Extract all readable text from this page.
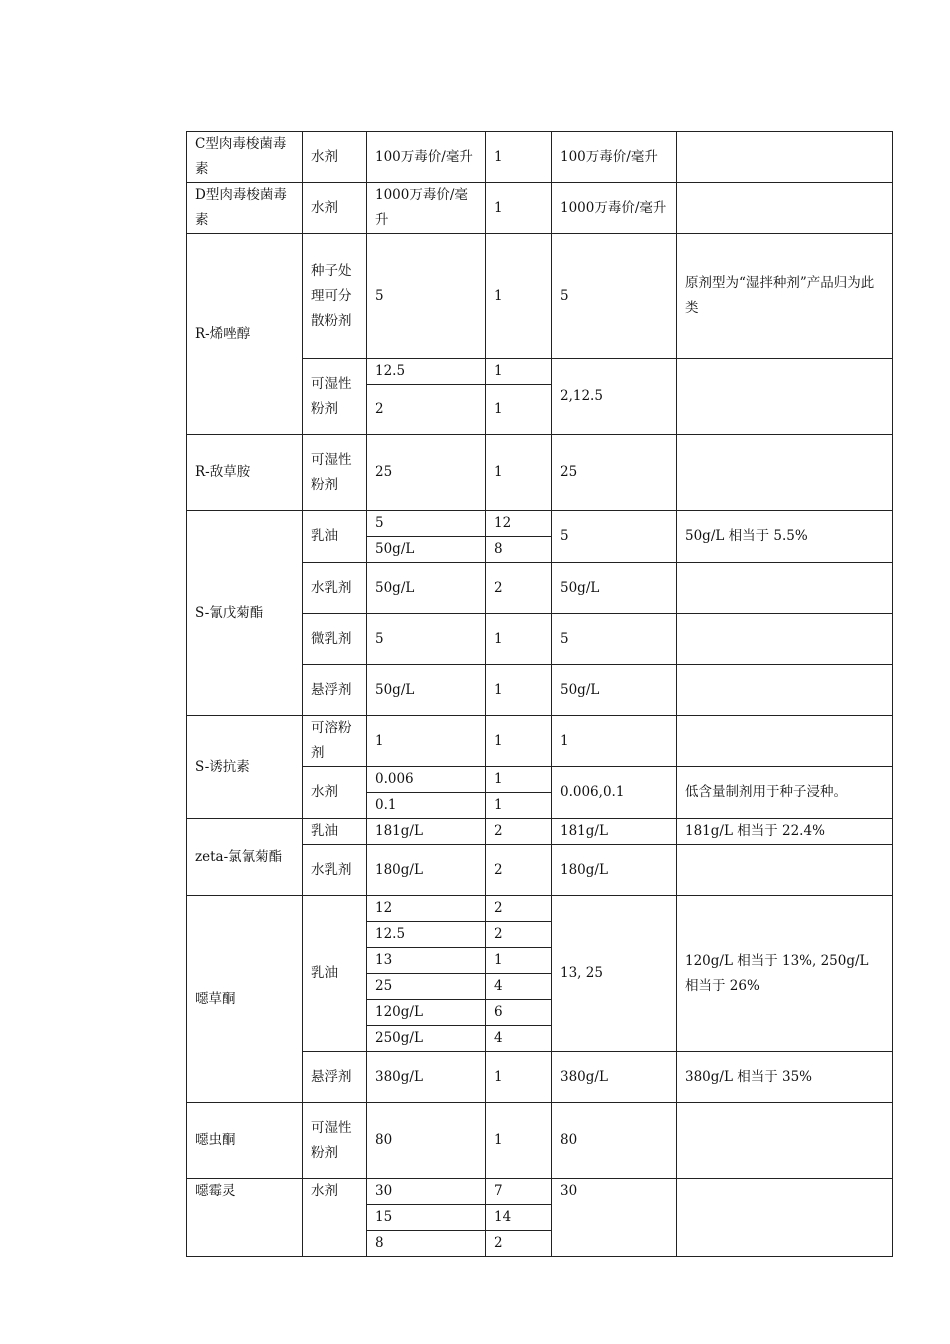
C型肉毒梭菌毒素	水剂	100万毒价/毫升	1	100万毒价/毫升	
D型肉毒梭菌毒素	水剂	1000万毒价/毫升	1	1000万毒价/毫升	
R-烯唑醇	种子处理可分散粉剂	5	1	5	原剂型为“湿拌种剂”产品归为此类
	可湿性粉剂	12.5	1	2,12.5	
		2	1		
R-敌草胺	可湿性粉剂	25	1	25	
S-氰戊菊酯	乳油	5	12	5	50g/L 相当于 5.5%
		50g/L	8		
	水乳剂	50g/L	2	50g/L	
	微乳剂	5	1	5	
	悬浮剂	50g/L	1	50g/L	

S-诱抗素	可溶粉剂	1	1	1	
	水剂	0.006	1	0.006,0.1	低含量制剂用于种子浸种。
		0.1	1		
zeta-氯氰菊酯	乳油	181g/L	2	181g/L	181g/L 相当于 22.4%
	水乳剂	180g/L	2	180g/L	
噁草酮	乳油	12	2	13, 25	120g/L 相当于 13%, 250g/L 相当于 26%
		12.5	2		
		13	1		
		25	4		
		120g/L	6		
		250g/L	4		
	悬浮剂	380g/L	1	380g/L	380g/L 相当于 35%
噁虫酮	可湿性粉剂	80	1	80	
噁霉灵	水剂	30	7	30	
		15	14		
		8	2		
